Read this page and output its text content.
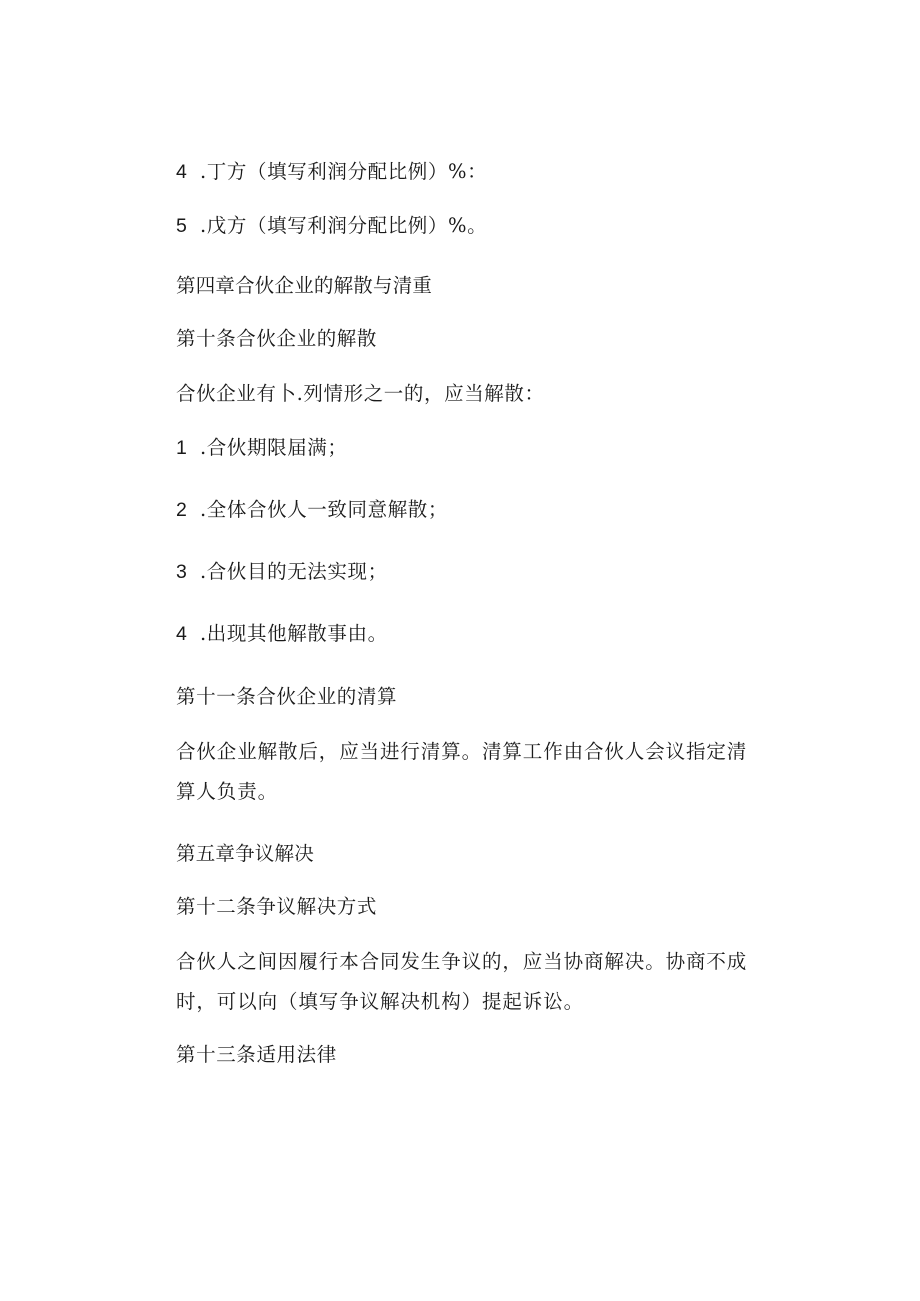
4 .丁方（填写利润分配比例）%：
5 .戊方（填写利润分配比例）%。
第四章合伙企业的解散与清重
第十条合伙企业的解散
合伙企业有卜.列情形之一的，应当解散：
1 .合伙期限届满；
2 .全体合伙人一致同意解散；
3 .合伙目的无法实现；
4 .出现其他解散事由。
第十一条合伙企业的清算

合伙企业解散后，应当进行清算。清算工作由合伙人会议指定清算人负责。

第五章争议解决
第十二条争议解决方式

合伙人之间因履行本合同发生争议的，应当协商解决。协商不成时，可以向（填写争议解决机构）提起诉讼。

第十三条适用法律
